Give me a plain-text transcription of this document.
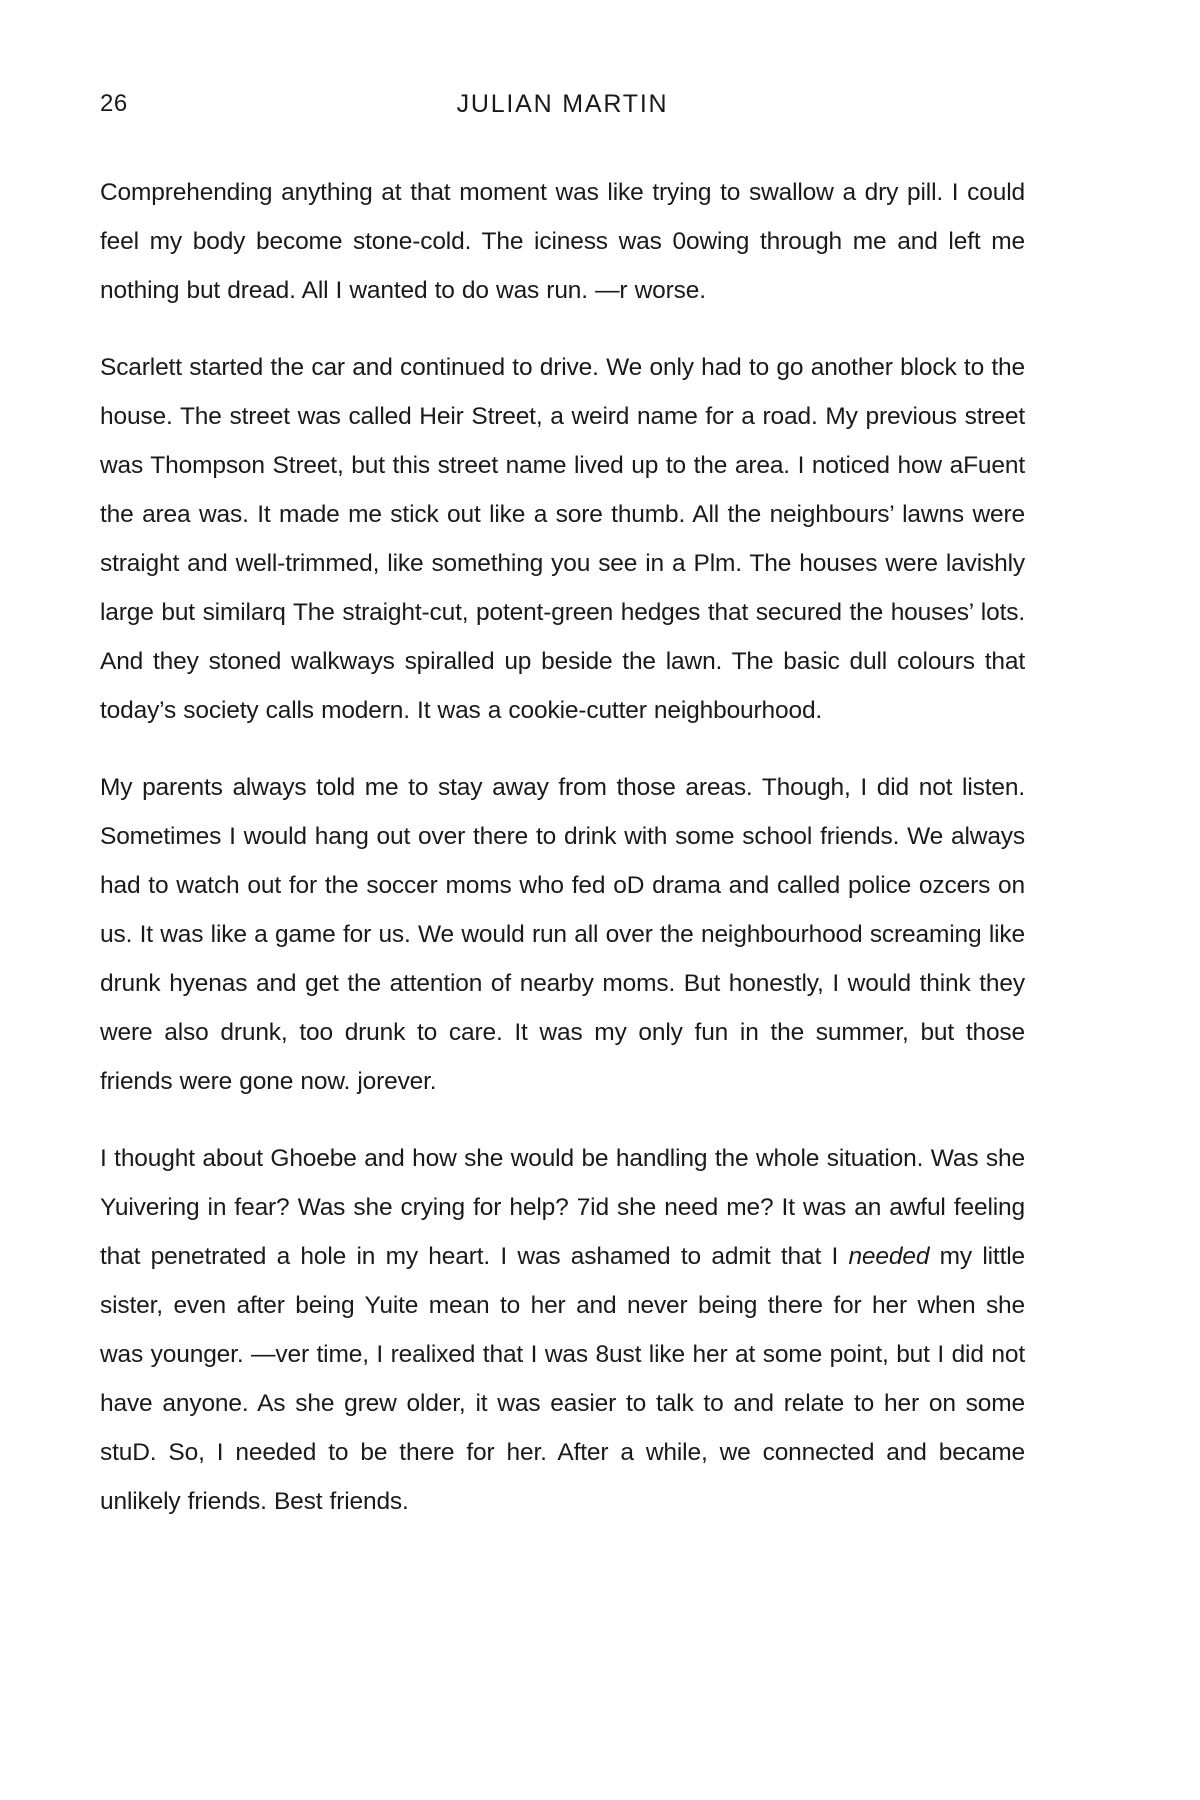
26	JULIAN MARTIN

Comprehending anything at that moment was like trying to swallow a dry pill. I could feel my body become stone-cold. The iciness was 0owing through me and left me nothing but dread. All I wanted to do was run. —r worse.

Scarlett started the car and continued to drive. We only had to go another block to the house. The street was called Heir Street, a weird name for a road. My previous street was Thompson Street, but this street name lived up to the area. I noticed how aFuent the area was. It made me stick out like a sore thumb. All the neighbours’ lawns were straight and well-trimmed, like something you see in a Plm. The houses were lavishly large but similarq The straight-cut, potent-green hedges that secured the houses’ lots. And they stoned walkways spiralled up beside the lawn. The basic dull colours that today’s society calls modern. It was a cookie-cutter neighbourhood.

My parents always told me to stay away from those areas. Though, I did not listen. Sometimes I would hang out over there to drink with some school friends. We always had to watch out for the soccer moms who fed oD drama and called police ozcers on us. It was like a game for us. We would run all over the neighbourhood screaming like drunk hyenas and get the attention of nearby moms. But honestly, I would think they were also drunk, too drunk to care. It was my only fun in the summer, but those friends were gone now. jorever.

I thought about Ghoebe and how she would be handling the whole situation. Was she Yuivering in fear? Was she crying for help? 7id she need me? It was an awful feeling that penetrated a hole in my heart. I was ashamed to admit that I needed my little sister, even after being Yuite mean to her and never being there for her when she was younger. —ver time, I realixed that I was 8ust like her at some point, but I did not have anyone. As she grew older, it was easier to talk to and relate to her on some stuD. So, I needed to be there for her. After a while, we connected and became unlikely friends. Best friends.
